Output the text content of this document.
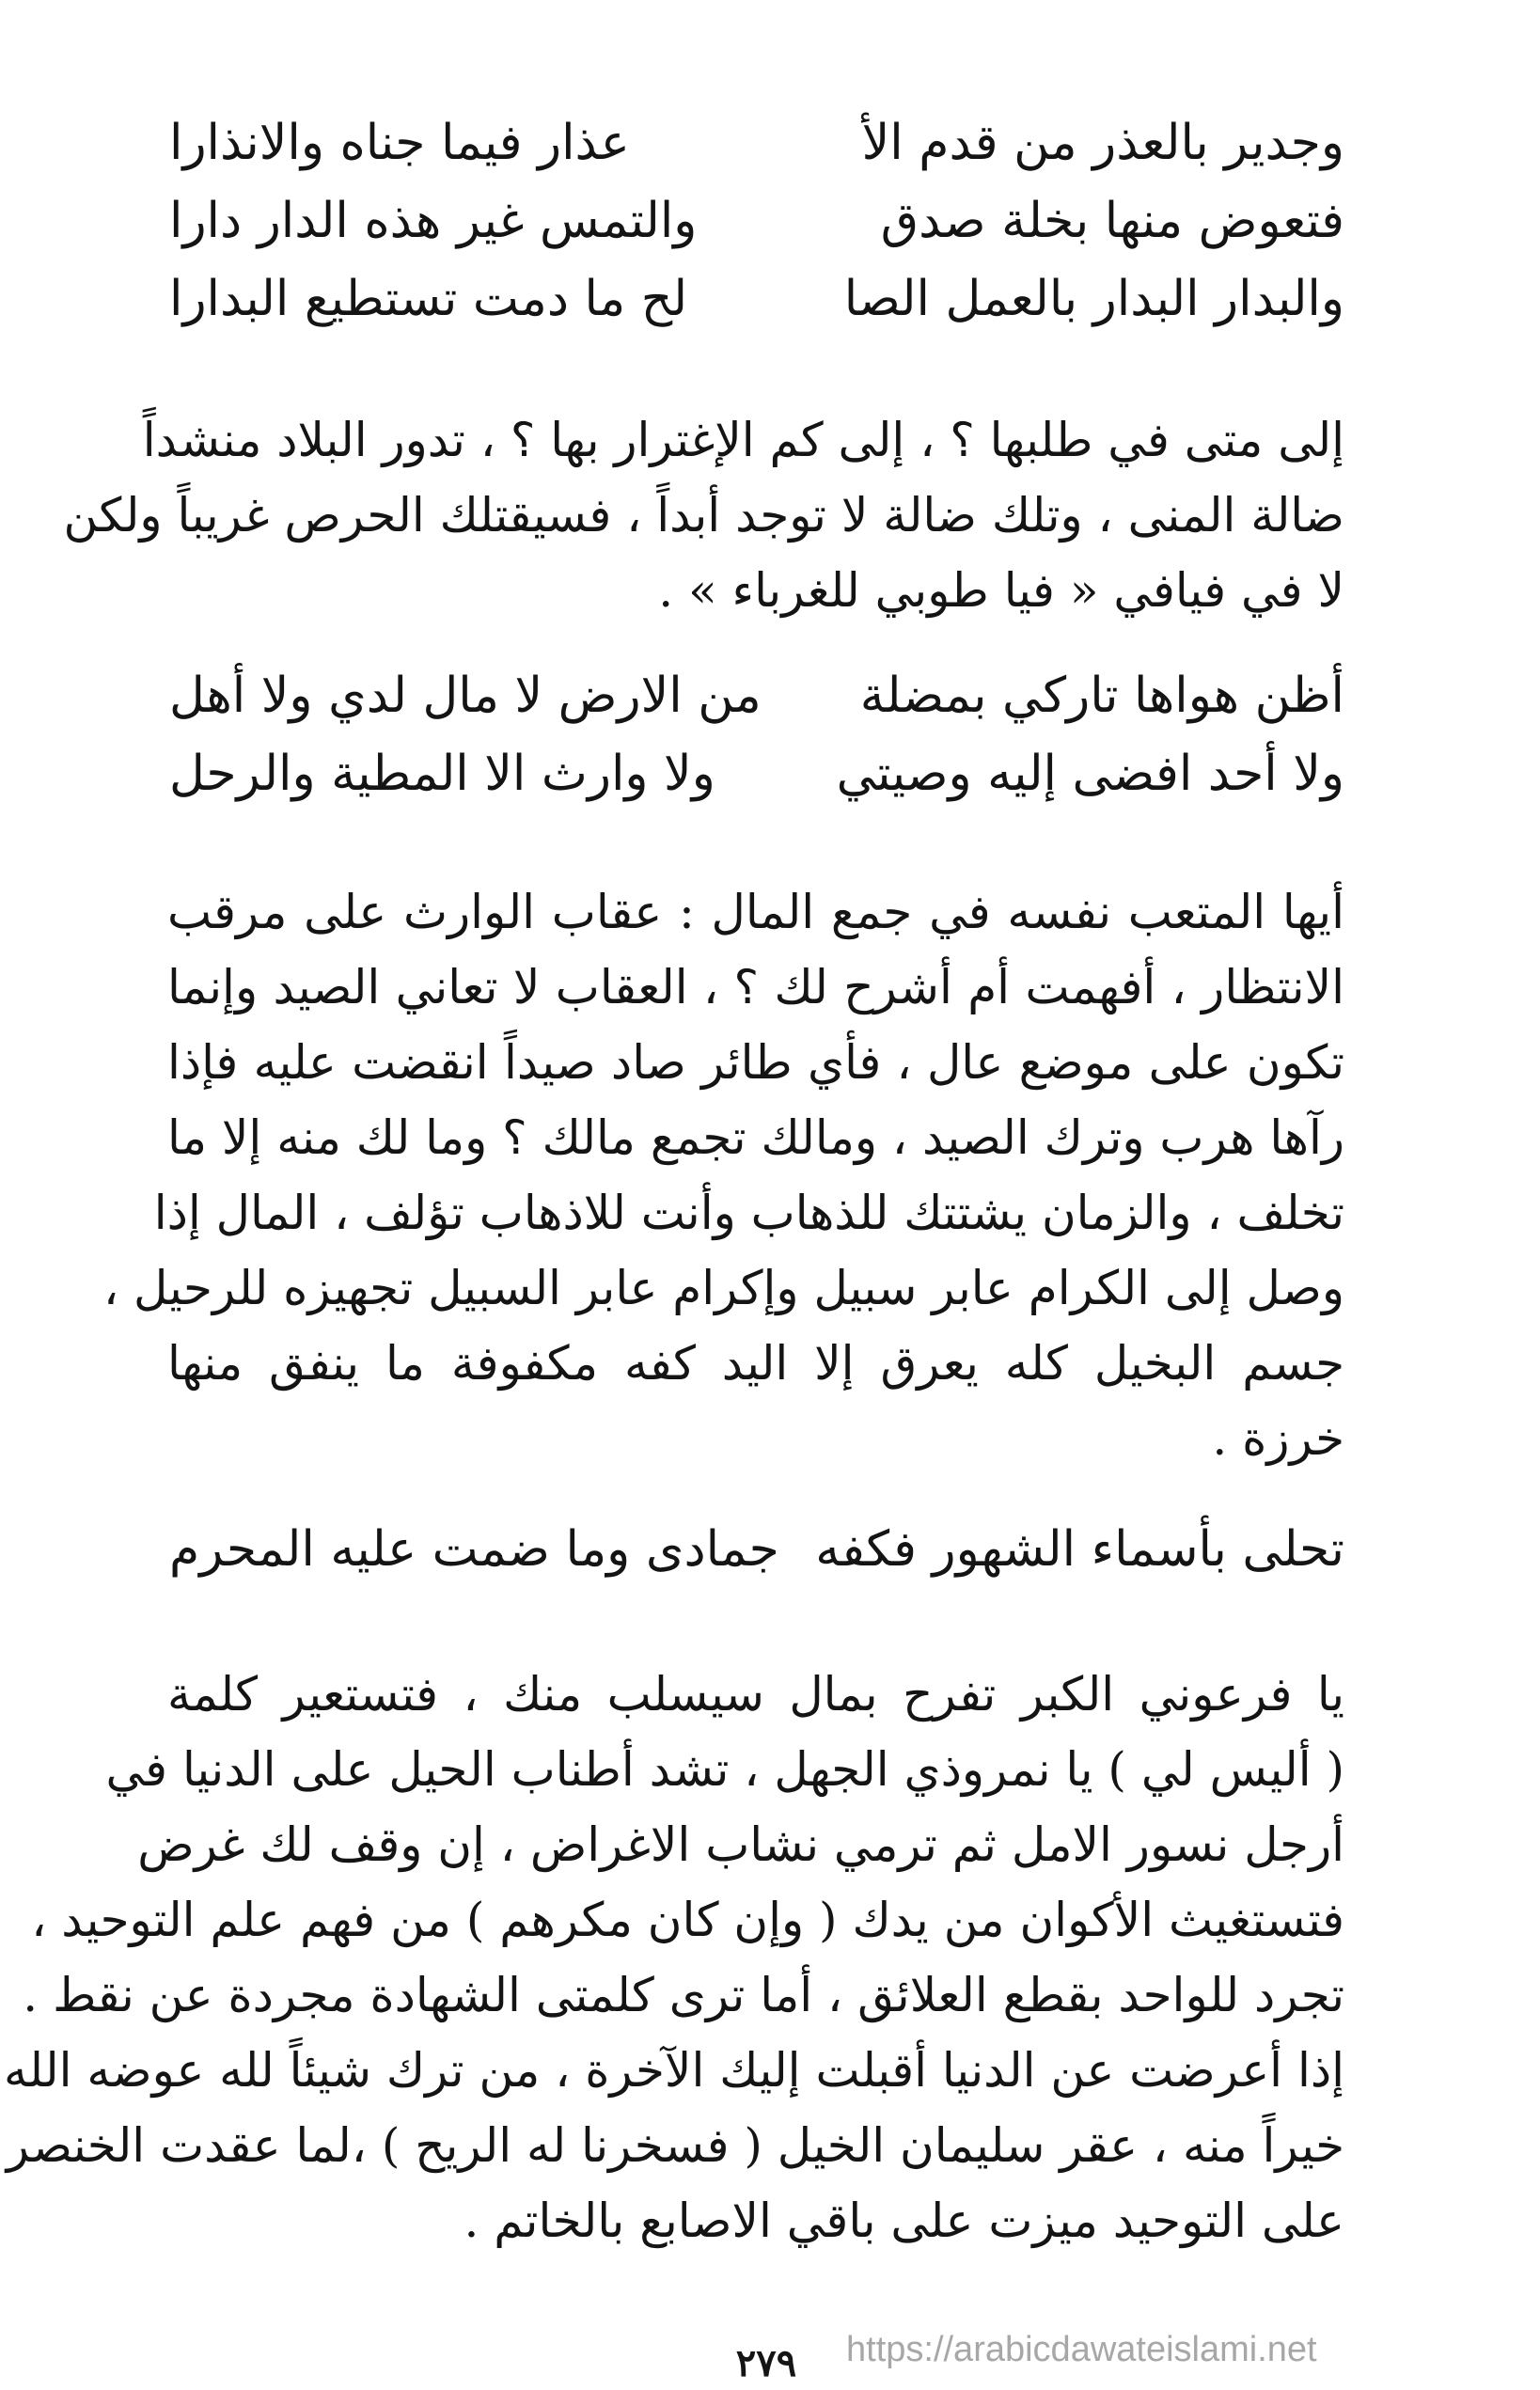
وجدير بالعذر من قدم الأ
عذار فيما جناه والانذارا
فتعوض منها بخلة صدق
والتمس غير هذه الدار دارا
والبدار البدار بالعمل الصا
لح ما دمت تستطيع البدارا
إلى متى في طلبها ؟ ، إلى كم الإغترار بها ؟ ، تدور البلاد منشداً
ضالة المنى ، وتلك ضالة لا توجد أبداً ، فسيقتلك الحرص غريباً ولكن
لا في فيافي « فيا طوبي للغرباء » .
أظن هواها تاركي بمضلة
من الارض لا مال لدي ولا أهل
ولا أحد افضى إليه وصيتي
ولا وارث الا المطية والرحل
أيها المتعب نفسه في جمع المال : عقاب الوارث على مرقب
الانتظار ، أفهمت أم أشرح لك ؟ ، العقاب لا تعاني الصيد وإنما
تكون على موضع عال ، فأي طائر صاد صيداً انقضت عليه فإذا
رآها هرب وترك الصيد ، ومالك تجمع مالك ؟ وما لك منه إلا ما
تخلف ، والزمان يشتتك للذهاب وأنت للاذهاب تؤلف ، المال إذا
وصل إلى الكرام عابر سبيل وإكرام عابر السبيل تجهيزه للرحيل ،
جسم البخيل كله يعرق إلا اليد كفه مكفوفة ما ينفق منها
خرزة .
تحلى بأسماء الشهور فكفه
جمادى وما ضمت عليه المحرم
يا فرعوني الكبر تفرح بمال سيسلب منك ، فتستعير كلمة
( أليس لي ) يا نمروذي الجهل ، تشد أطناب الحيل على الدنيا في
أرجل نسور الامل ثم ترمي نشاب الاغراض ، إن وقف لك غرض
فتستغيث الأكوان من يدك ( وإن كان مكرهم ) من فهم علم التوحيد ،
تجرد للواحد بقطع العلائق ، أما ترى كلمتى الشهادة مجردة عن نقط .
إذا أعرضت عن الدنيا أقبلت إليك الآخرة ، من ترك شيئاً لله عوضه الله
خيراً منه ، عقر سليمان الخيل ( فسخرنا له الريح ) ،لما عقدت الخنصر
على التوحيد ميزت على باقي الاصابع بالخاتم .
٢٧٩	https://arabicdawateislami.net
